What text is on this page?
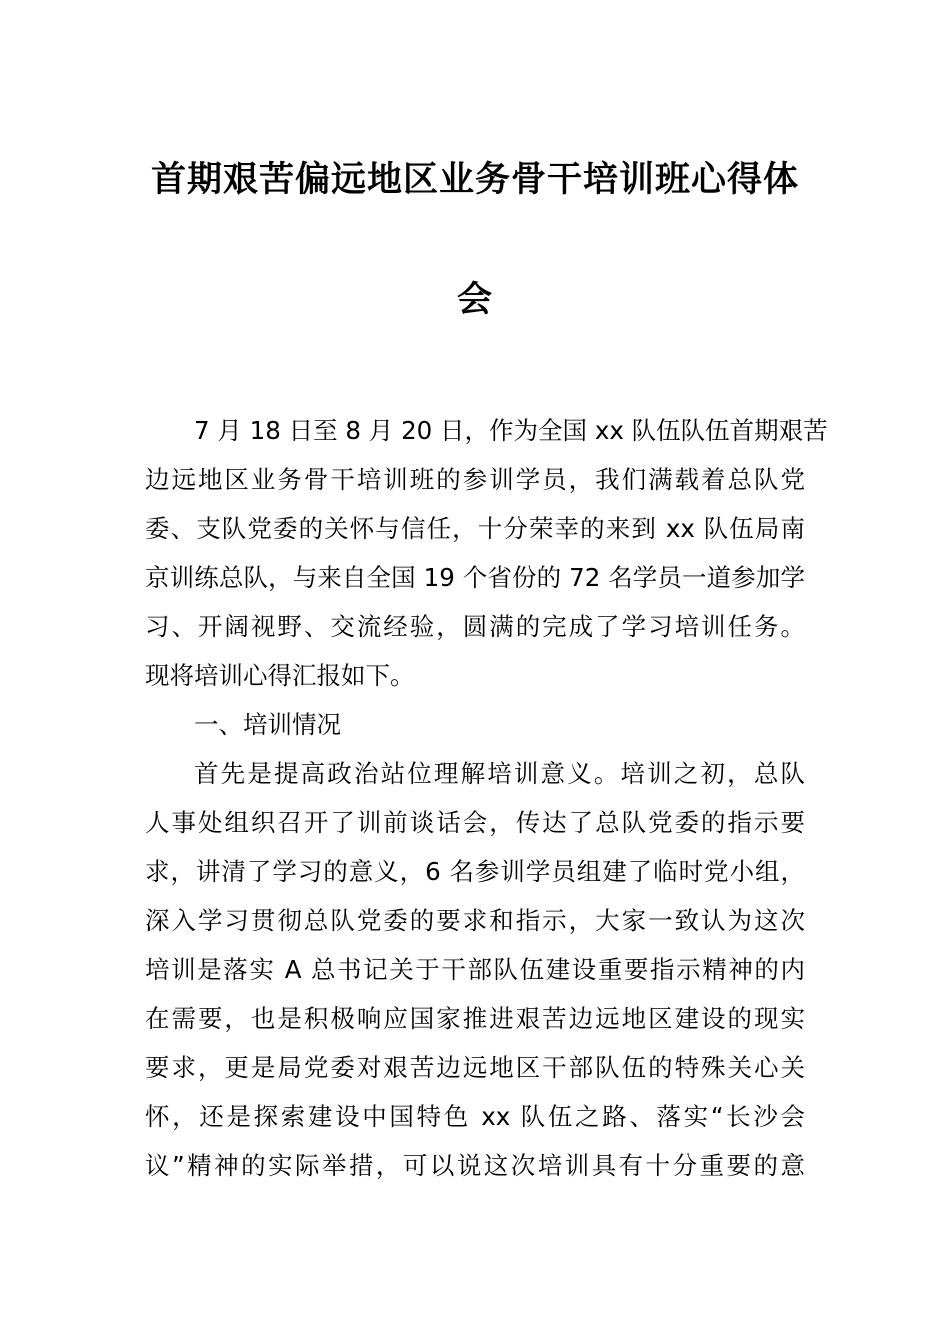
首期艰苦偏远地区业务骨干培训班心得体
会

7 月 18 日至 8 月 20 日，作为全国 xx 队伍队伍首期艰苦

边远地区业务骨干培训班的参训学员，我们满载着总队党

委、支队党委的关怀与信任，十分荣幸的来到 xx 队伍局南

京训练总队，与来自全国 19 个省份的 72 名学员一道参加学

习、开阔视野、交流经验，圆满的完成了学习培训任务。

现将培训心得汇报如下。

一、培训情况

首先是提高政治站位理解培训意义。培训之初，总队

人事处组织召开了训前谈话会，传达了总队党委的指示要

求，讲清了学习的意义，6 名参训学员组建了临时党小组，

深入学习贯彻总队党委的要求和指示，大家一致认为这次

培训是落实 A 总书记关于干部队伍建设重要指示精神的内

在需要，也是积极响应国家推进艰苦边远地区建设的现实

要求，更是局党委对艰苦边远地区干部队伍的特殊关心关

怀，还是探索建设中国特色 xx 队伍之路、落实“长沙会

议”精神的实际举措，可以说这次培训具有十分重要的意
